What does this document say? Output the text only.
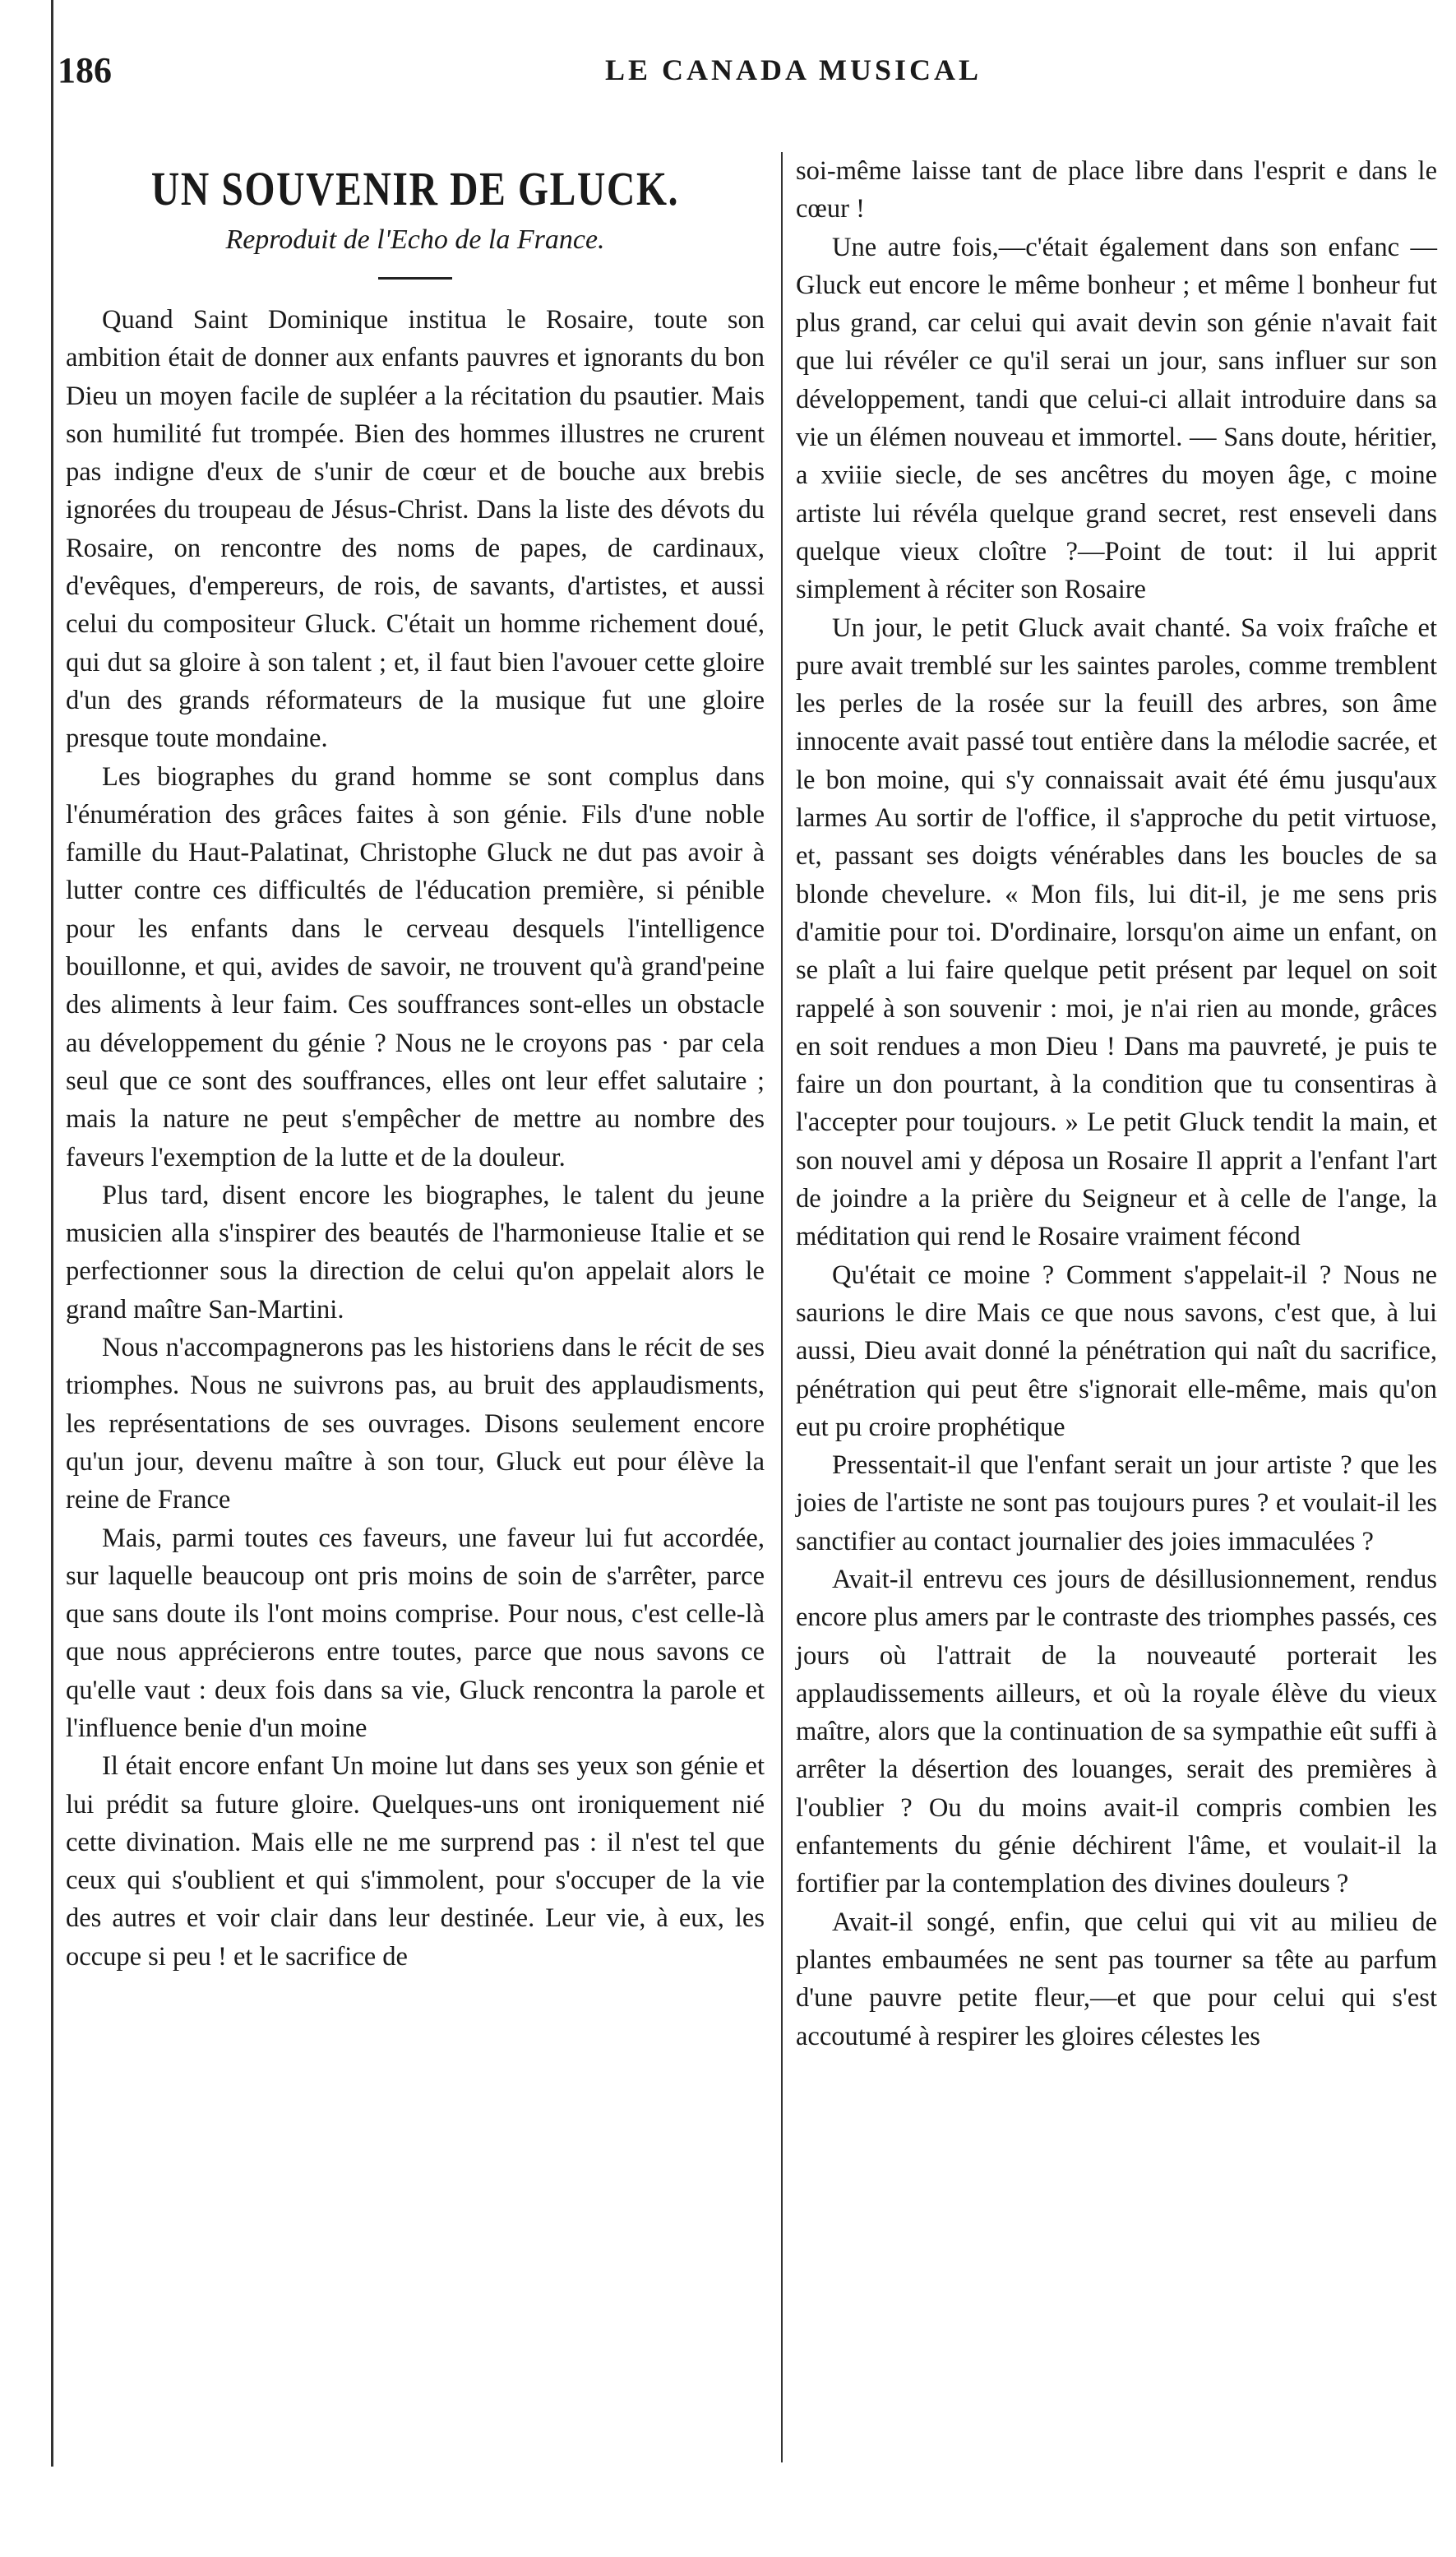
186	LE CANADA MUSICAL
UN SOUVENIR DE GLUCK.
Reproduit de l'Echo de la France.

Quand Saint Dominique institua le Rosaire, toute son ambition était de donner aux enfants pauvres et ignorants du bon Dieu un moyen facile de supléer a la récitation du psautier. Mais son humilité fut trompée. Bien des hommes illustres ne crurent pas indigne d'eux de s'unir de cœur et de bouche aux brebis ignorées du troupeau de Jésus-Christ. Dans la liste des dévots du Rosaire, on rencontre des noms de papes, de cardinaux, d'evêques, d'empereurs, de rois, de savants, d'artistes, et aussi celui du compositeur Gluck. C'était un homme richement doué, qui dut sa gloire à son talent ; et, il faut bien l'avouer cette gloire d'un des grands réformateurs de la musique fut une gloire presque toute mondaine.

Les biographes du grand homme se sont complus dans l'énumération des grâces faites à son génie. Fils d'une noble famille du Haut-Palatinat, Christophe Gluck ne dut pas avoir à lutter contre ces difficultés de l'éducation première, si pénible pour les enfants dans le cerveau desquels l'intelligence bouillonne, et qui, avides de savoir, ne trouvent qu'à grand'peine des aliments à leur faim. Ces souffrances sont-elles un obstacle au développement du génie ? Nous ne le croyons pas · par cela seul que ce sont des souffrances, elles ont leur effet salutaire ; mais la nature ne peut s'empêcher de mettre au nombre des faveurs l'exemption de la lutte et de la douleur.

Plus tard, disent encore les biographes, le talent du jeune musicien alla s'inspirer des beautés de l'harmonieuse Italie et se perfectionner sous la direction de celui qu'on appelait alors le grand maître San-Martini.

Nous n'accompagnerons pas les historiens dans le récit de ses triomphes. Nous ne suivrons pas, au bruit des applaudisments, les représentations de ses ouvrages. Disons seulement encore qu'un jour, devenu maître à son tour, Gluck eut pour élève la reine de France

Mais, parmi toutes ces faveurs, une faveur lui fut accordée, sur laquelle beaucoup ont pris moins de soin de s'arrêter, parce que sans doute ils l'ont moins comprise. Pour nous, c'est celle-là que nous apprécierons entre toutes, parce que nous savons ce qu'elle vaut : deux fois dans sa vie, Gluck rencontra la parole et l'influence benie d'un moine

Il était encore enfant Un moine lut dans ses yeux son génie et lui prédit sa future gloire. Quelques-uns ont ironiquement nié cette divination. Mais elle ne me surprend pas : il n'est tel que ceux qui s'oublient et qui s'immolent, pour s'occuper de la vie des autres et voir clair dans leur destinée. Leur vie, à eux, les occupe si peu ! et le sacrifice de

soi-même laisse tant de place libre dans l'esprit e dans le cœur !

Une autre fois,—c'était également dans son enfanc —Gluck eut encore le même bonheur ; et même l bonheur fut plus grand, car celui qui avait devin son génie n'avait fait que lui révéler ce qu'il serai un jour, sans influer sur son développement, tandi que celui-ci allait introduire dans sa vie un élémen nouveau et immortel. — Sans doute, héritier, a xviiie siecle, de ses ancêtres du moyen âge, c moine artiste lui révéla quelque grand secret, rest enseveli dans quelque vieux cloître ?—Point de tout: il lui apprit simplement à réciter son Rosaire

Un jour, le petit Gluck avait chanté. Sa voix fraîche et pure avait tremblé sur les saintes paroles, comme tremblent les perles de la rosée sur la feuill des arbres, son âme innocente avait passé tout entière dans la mélodie sacrée, et le bon moine, qui s'y connaissait avait été ému jusqu'aux larmes Au sortir de l'office, il s'approche du petit virtuose, et, passant ses doigts vénérables dans les boucles de sa blonde chevelure. « Mon fils, lui dit-il, je me sens pris d'amitie pour toi. D'ordinaire, lorsqu'on aime un enfant, on se plaît a lui faire quelque petit présent par lequel on soit rappelé à son souvenir : moi, je n'ai rien au monde, grâces en soit rendues a mon Dieu ! Dans ma pauvreté, je puis te faire un don pourtant, à la condition que tu consentiras à l'accepter pour toujours. » Le petit Gluck tendit la main, et son nouvel ami y déposa un Rosaire Il apprit a l'enfant l'art de joindre a la prière du Seigneur et à celle de l'ange, la méditation qui rend le Rosaire vraiment fécond

Qu'était ce moine ? Comment s'appelait-il ? Nous ne saurions le dire Mais ce que nous savons, c'est que, à lui aussi, Dieu avait donné la pénétration qui naît du sacrifice, pénétration qui peut être s'ignorait elle-même, mais qu'on eut pu croire prophétique

Pressentait-il que l'enfant serait un jour artiste ? que les joies de l'artiste ne sont pas toujours pures ? et voulait-il les sanctifier au contact journalier des joies immaculées ?

Avait-il entrevu ces jours de désillusionnement, rendus encore plus amers par le contraste des triomphes passés, ces jours où l'attrait de la nouveauté porterait les applaudissements ailleurs, et où la royale élève du vieux maître, alors que la continuation de sa sympathie eût suffi à arrêter la désertion des louanges, serait des premières à l'oublier ? Ou du moins avait-il compris combien les enfantements du génie déchirent l'âme, et voulait-il la fortifier par la contemplation des divines douleurs ?

Avait-il songé, enfin, que celui qui vit au milieu de plantes embaumées ne sent pas tourner sa tête au parfum d'une pauvre petite fleur,—et que pour celui qui s'est accoutumé à respirer les gloires célestes les
